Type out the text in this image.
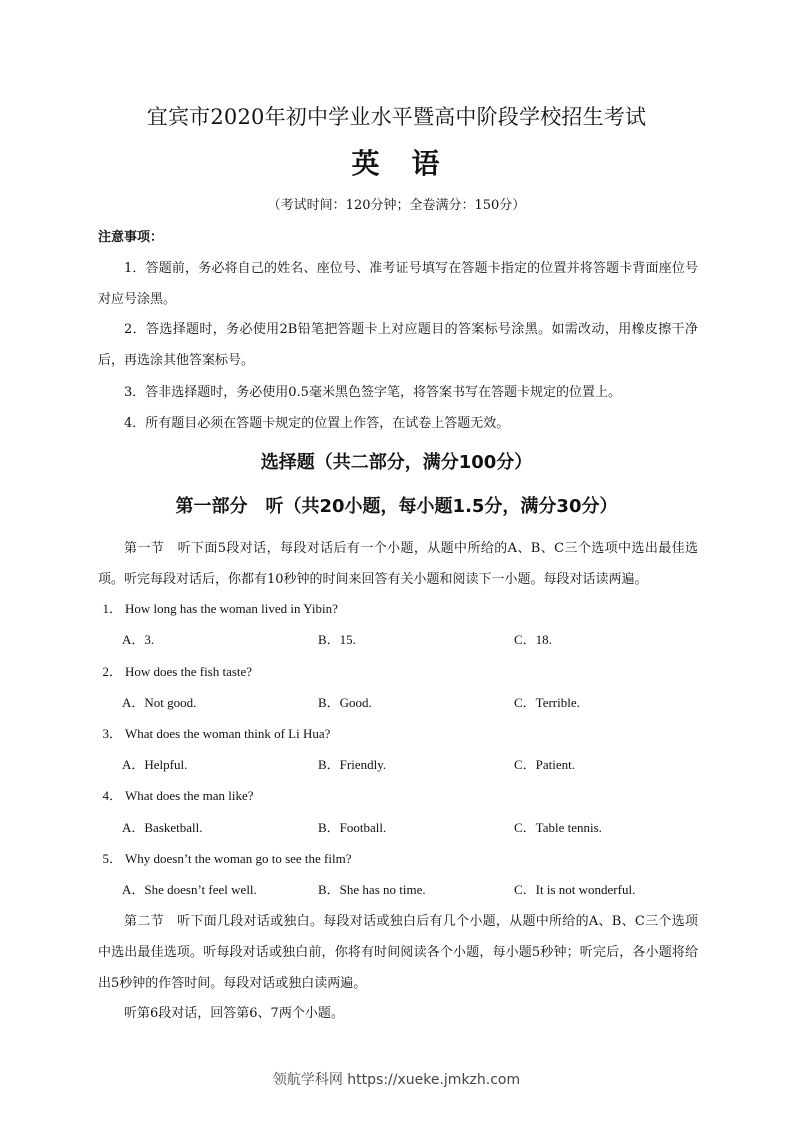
宜宾市2020年初中学业水平暨高中阶段学校招生考试
英　语
（考试时间：120分钟；全卷满分：150分）
注意事项：

1．答题前，务必将自己的姓名、座位号、准考证号填写在答题卡指定的位置并将答题卡背面座位号对应号涂黑。

2．答选择题时，务必使用2B铅笔把答题卡上对应题目的答案标号涂黑。如需改动，用橡皮擦干净后，再选涂其他答案标号。

3．答非选择题时，务必使用0.5毫米黑色签字笔，将答案书写在答题卡规定的位置上。

4．所有题目必须在答题卡规定的位置上作答，在试卷上答题无效。

选择题（共二部分，满分100分）
第一部分　听（共20小题，每小题1.5分，满分30分）

第一节　听下面5段对话，每段对话后有一个小题，从题中所给的A、B、C三个选项中选出最佳选项。听完每段对话后，你都有10秒钟的时间来回答有关小题和阅读下一小题。每段对话读两遍。

1． How long has the woman lived in Yibin?
A．3.	B．15.	C．18.
2． How does the fish taste?
A．Not good.	B．Good.	C．Terrible.
3． What does the woman think of Li Hua?
A．Helpful.	B．Friendly.	C．Patient.
4． What does the man like?
A．Basketball.	B．Football.	C．Table tennis.
5． Why doesn’t the woman go to see the film?
A．She doesn’t feel well.	B．She has no time.	C．It is not wonderful.

第二节　听下面几段对话或独白。每段对话或独白后有几个小题，从题中所给的A、B、C三个选项中选出最佳选项。听每段对话或独白前，你将有时间阅读各个小题，每小题5秒钟；听完后，各小题将给出5秒钟的作答时间。每段对话或独白读两遍。

听第6段对话，回答第6、7两个小题。

领航学科网 https://xueke.jmkzh.com
